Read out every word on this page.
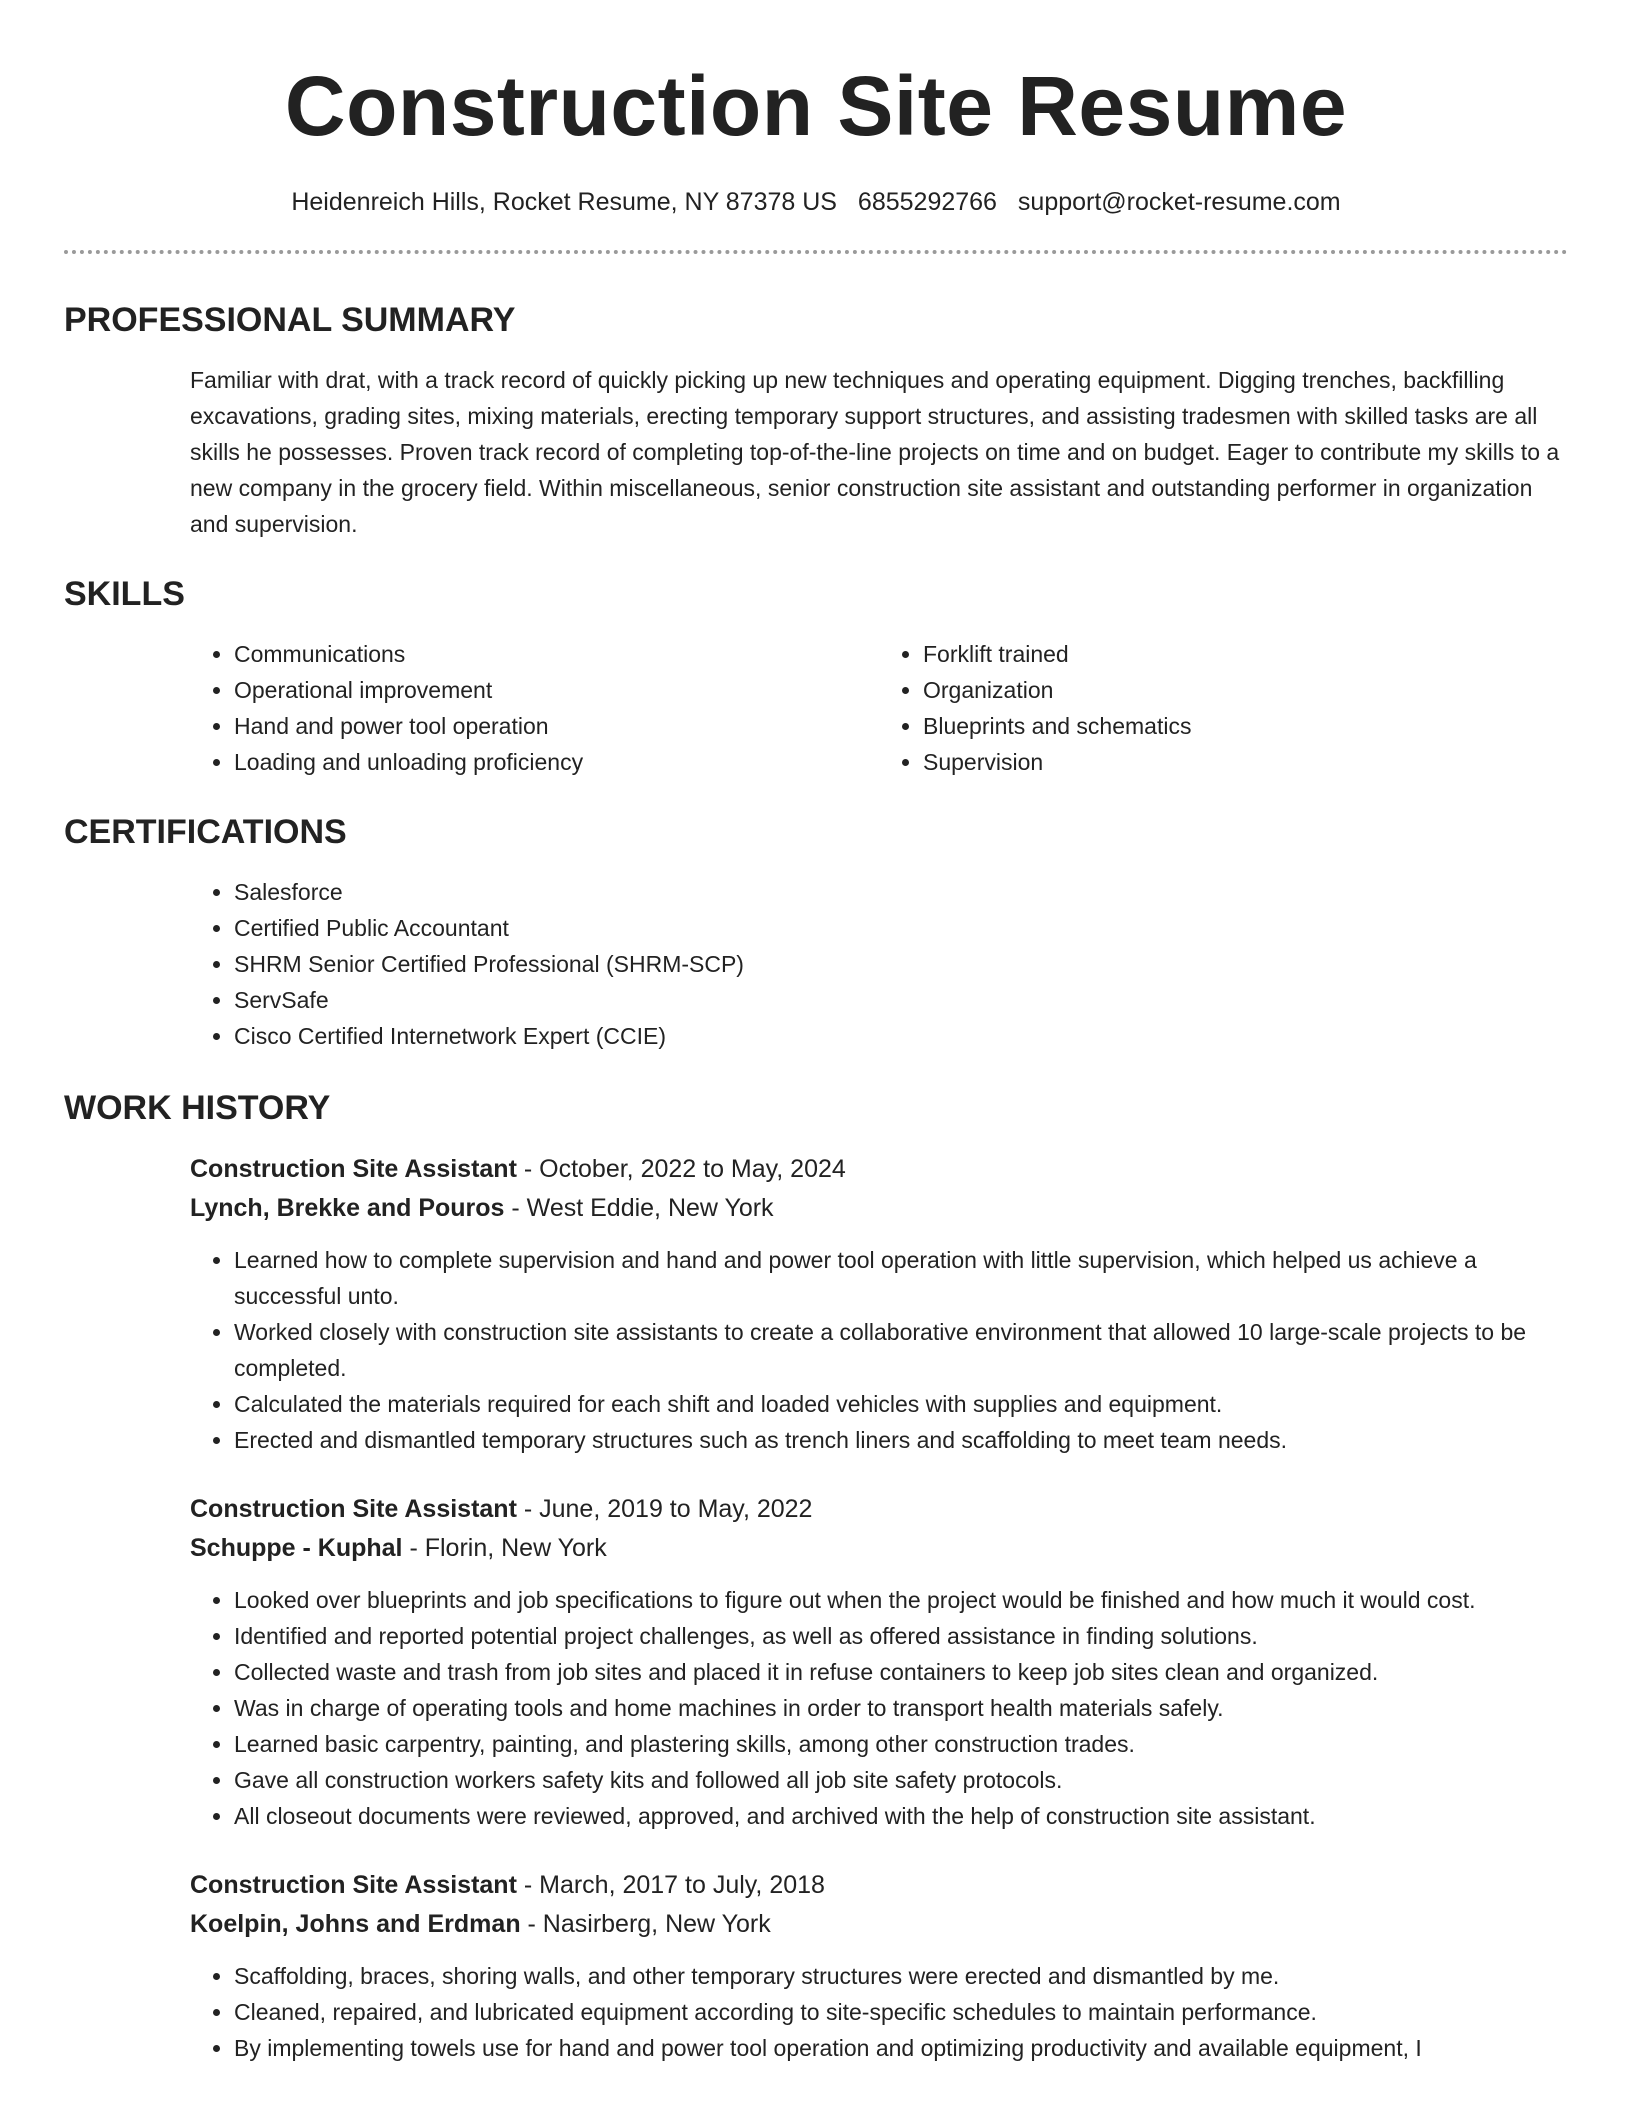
Construction Site Resume
Heidenreich Hills, Rocket Resume, NY 87378 US 6855292766 support@rocket-resume.com
PROFESSIONAL SUMMARY
Familiar with drat, with a track record of quickly picking up new techniques and operating equipment. Digging trenches, backfilling excavations, grading sites, mixing materials, erecting temporary support structures, and assisting tradesmen with skilled tasks are all skills he possesses. Proven track record of completing top-of-the-line projects on time and on budget. Eager to contribute my skills to a new company in the grocery field. Within miscellaneous, senior construction site assistant and outstanding performer in organization and supervision.
SKILLS
• Communications
• Operational improvement
• Hand and power tool operation
• Loading and unloading proficiency
• Forklift trained
• Organization
• Blueprints and schematics
• Supervision
CERTIFICATIONS
• Salesforce
• Certified Public Accountant
• SHRM Senior Certified Professional (SHRM-SCP)
• ServSafe
• Cisco Certified Internetwork Expert (CCIE)
WORK HISTORY
Construction Site Assistant - October, 2022 to May, 2024
Lynch, Brekke and Pouros - West Eddie, New York
• Learned how to complete supervision and hand and power tool operation with little supervision, which helped us achieve a successful unto.
• Worked closely with construction site assistants to create a collaborative environment that allowed 10 large-scale projects to be completed.
• Calculated the materials required for each shift and loaded vehicles with supplies and equipment.
• Erected and dismantled temporary structures such as trench liners and scaffolding to meet team needs.
Construction Site Assistant - June, 2019 to May, 2022
Schuppe - Kuphal - Florin, New York
• Looked over blueprints and job specifications to figure out when the project would be finished and how much it would cost.
• Identified and reported potential project challenges, as well as offered assistance in finding solutions.
• Collected waste and trash from job sites and placed it in refuse containers to keep job sites clean and organized.
• Was in charge of operating tools and home machines in order to transport health materials safely.
• Learned basic carpentry, painting, and plastering skills, among other construction trades.
• Gave all construction workers safety kits and followed all job site safety protocols.
• All closeout documents were reviewed, approved, and archived with the help of construction site assistant.
Construction Site Assistant - March, 2017 to July, 2018
Koelpin, Johns and Erdman - Nasirberg, New York
• Scaffolding, braces, shoring walls, and other temporary structures were erected and dismantled by me.
• Cleaned, repaired, and lubricated equipment according to site-specific schedules to maintain performance.
• By implementing towels use for hand and power tool operation and optimizing productivity and available equipment, I
